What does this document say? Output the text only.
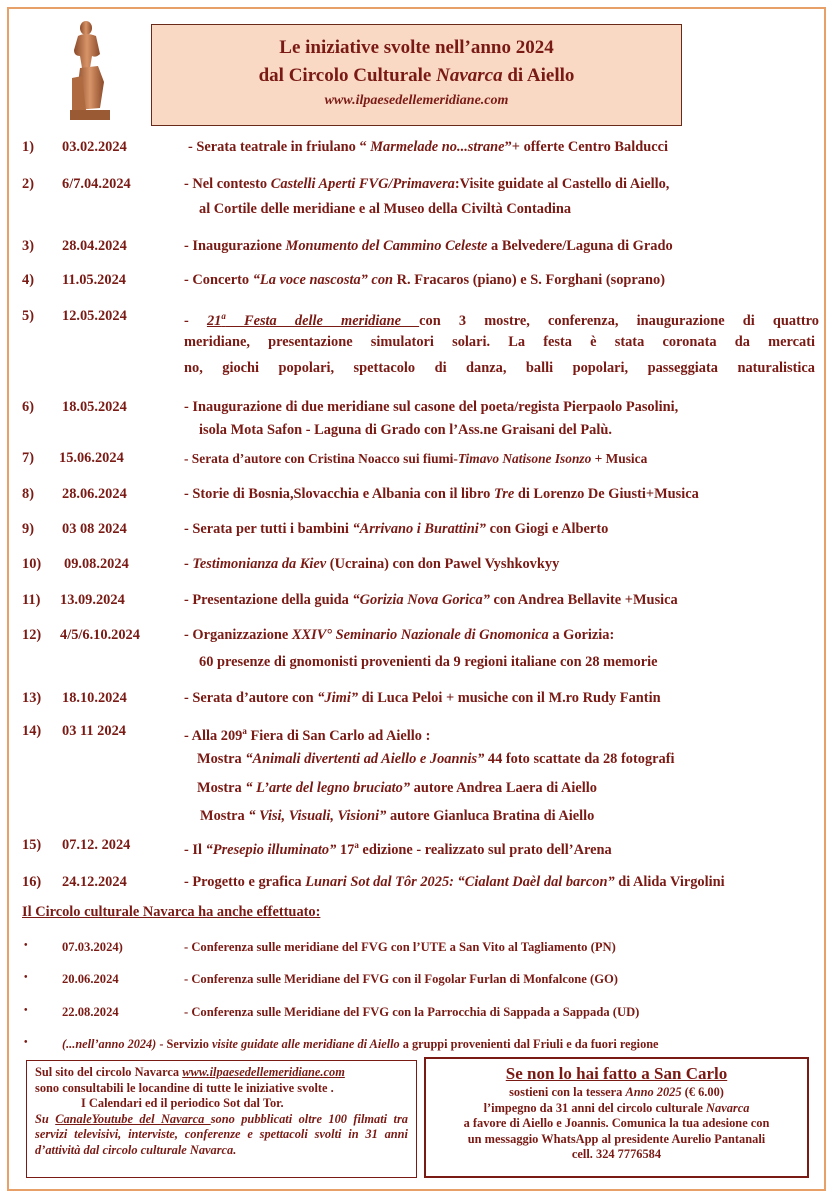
Le iniziative svolte nell’anno 2024
dal Circolo Culturale Navarca di Aiello
www.ilpaesedellemeridiane.com
1) 03.02.2024	- Serata teatrale in friulano “ Marmelade no...strane”+ offerte Centro Balducci
2) 6/7.04.2024	- Nel contesto Castelli Aperti FVG/Primavera:Visite guidate al Castello di Aiello,
al Cortile delle meridiane e al Museo della Civiltà Contadina
3) 28.04.2024	- Inaugurazione Monumento del Cammino Celeste a Belvedere/Laguna di Grado
4) 11.05.2024	- Concerto “La voce nascosta” con R. Fracaros (piano) e S. Forghani (soprano)
5) 12.05.2024	- 21$^a$ Festa delle meridiane con 3 mostre, conferenza, inaugurazione di quattro
meridiane, presentazione simulatori solari. La festa è stata coronata da mercati
no, giochi popolari, spettacolo di danza, balli popolari, passeggiata naturalistica
6) 18.05.2024	- Inaugurazione di due meridiane sul casone del poeta/regista Pierpaolo Pasolini,
isola Mota Safon - Laguna di Grado con l’Ass.ne Graisani del Palù.
7) 15.06.2024	- Serata d’autore con Cristina Noacco sui fiumi-Timavo Natisone Isonzo + Musica
8) 28.06.2024	- Storie di Bosnia,Slovacchia e Albania con il libro Tre di Lorenzo De Giusti+Musica
9) 03 08 2024	- Serata per tutti i bambini “Arrivano i Burattini” con Giogi e Alberto
10) 09.08.2024	- Testimonianza da Kiev (Ucraina) con don Pawel Vyshkovkyy
11) 13.09.2024	- Presentazione della guida “Gorizia Nova Gorica” con Andrea Bellavite +Musica
12) 4/5/6.10.2024	- Organizzazione XXIV° Seminario Nazionale di Gnomonica a Gorizia:
60 presenze di gnomonisti provenienti da 9 regioni italiane con 28 memorie
13) 18.10.2024	- Serata d’autore con “Jimi” di Luca Peloi + musiche con il M.ro Rudy Fantin
14) 03 11 2024	- Alla 209$^a$ Fiera di San Carlo ad Aiello :
Mostra “Animali divertenti ad Aiello e Joannis” 44 foto scattate da 28 fotografi
Mostra “ L’arte del legno bruciato” autore Andrea Laera di Aiello
Mostra “ Visi, Visuali, Visioni” autore Gianluca Bratina di Aiello
15) 07.12. 2024	- Il “Presepio illuminato” 17$^a$ edizione - realizzato sul prato dell’Arena
16) 24.12.2024	- Progetto e grafica Lunari Sot dal Tôr 2025: “Cialant Daèl dal barcon” di Alida Virgolini
Il Circolo culturale Navarca ha anche effettuato:
•	07.03.2024)	- Conferenza sulle meridiane del FVG con l’UTE a San Vito al Tagliamento (PN)
•	20.06.2024	- Conferenza sulle Meridiane del FVG con il Fogolar Furlan di Monfalcone (GO)
•	22.08.2024	- Conferenza sulle Meridiane del FVG con la Parrocchia di Sappada a Sappada (UD)
•	(...nell’anno 2024) - Servizio visite guidate alle meridiane di Aiello a gruppi provenienti dal Friuli e da fuori regione
Sul sito del circolo Navarca www.ilpaesedellemeridiane.com
sono consultabili le locandine di tutte le iniziative svolte .
I Calendari ed il periodico Sot dal Tor.
Su CanaleYoutube del Navarca sono pubblicati oltre 100 filmati tra servizi televisivi, interviste, conferenze e spettacoli svolti in 31 anni d’attività dal circolo culturale Navarca.
Se non lo hai fatto a San Carlo
sostieni con la tessera Anno 2025 (€ 6.00)
l’impegno da 31 anni del circolo culturale Navarca
a favore di Aiello e Joannis. Comunica la tua adesione con
un messaggio WhatsApp al presidente Aurelio Pantanali
cell. 324 7776584
